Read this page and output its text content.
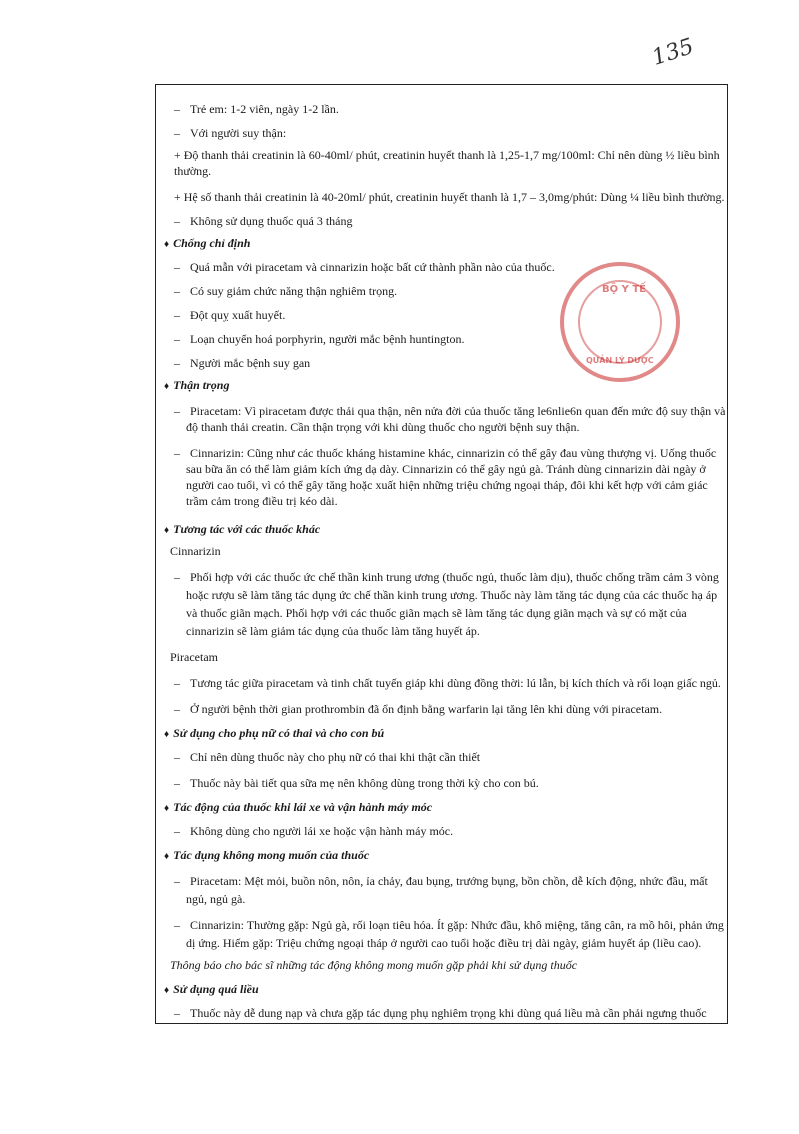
135
– Trẻ em: 1-2 viên, ngày 1-2 lần.
– Với người suy thận:
+ Độ thanh thải creatinin là 60-40ml/ phút, creatinin huyết thanh là 1,25-1,7 mg/100ml: Chỉ nên dùng ½ liều bình
thường.
+ Hệ số thanh thải creatinin là 40-20ml/ phút, creatinin huyết thanh là 1,7 – 3,0mg/phút: Dùng ¼ liều bình thường.
– Không sử dụng thuốc quá 3 tháng
♦ Chống chỉ định
– Quá mẫn với piracetam và cinnarizin hoặc bất cứ thành phần nào của thuốc.
– Có suy giảm chức năng thận nghiêm trọng.
– Đột quỵ xuất huyết.
– Loạn chuyển hoá porphyrin, người mắc bệnh huntington.
– Người mắc bệnh suy gan
♦ Thận trọng
– Piracetam: Vì piracetam được thải qua thận, nên nửa đời của thuốc tăng le6nlie6n quan đến mức độ suy thận và
độ thanh thải creatin. Cần thận trọng với khi dùng thuốc cho người bệnh suy thận.
– Cinnarizin: Cũng như các thuốc kháng histamine khác, cinnarizin có thể gây đau vùng thượng vị. Uống thuốc
sau bữa ăn có thể làm giảm kích ứng dạ dày. Cinnarizin có thể gây ngủ gà. Tránh dùng cinnarizin dài ngày ở
người cao tuổi, vì có thể gây tăng hoặc xuất hiện những triệu chứng ngoại tháp, đôi khi kết hợp với cảm giác
trầm cảm trong điều trị kéo dài.
♦ Tương tác với các thuốc khác
Cinnarizin
– Phối hợp với các thuốc ức chế thần kinh trung ương (thuốc ngủ, thuốc làm dịu), thuốc chống trầm cảm 3 vòng
hoặc rượu sẽ làm tăng tác dụng ức chế thần kinh trung ương. Thuốc này làm tăng tác dụng của các thuốc hạ áp
và thuốc giãn mạch. Phối hợp với các thuốc giãn mạch sẽ làm tăng tác dụng giãn mạch và sự có mặt của
cinnarizin sẽ làm giảm tác dụng của thuốc làm tăng huyết áp.
Piracetam
– Tương tác giữa piracetam và tinh chất tuyến giáp khi dùng đồng thời: lú lẫn, bị kích thích và rối loạn giấc ngủ.
– Ở người bệnh thời gian prothrombin đã ổn định bằng warfarin lại tăng lên khi dùng với piracetam.
♦ Sử dụng cho phụ nữ có thai và cho con bú
– Chỉ nên dùng thuốc này cho phụ nữ có thai khi thật cần thiết
– Thuốc này bài tiết qua sữa mẹ nên không dùng trong thời kỳ cho con bú.
♦ Tác động của thuốc khi lái xe và vận hành máy móc
– Không dùng cho người lái xe hoặc vận hành máy móc.
♦ Tác dụng không mong muốn của thuốc
– Piracetam: Mệt mỏi, buồn nôn, nôn, ỉa chảy, đau bụng, trướng bụng, bồn chồn, dễ kích động, nhức đầu, mất
ngủ, ngủ gà.
– Cinnarizin: Thường gặp: Ngủ gà, rối loạn tiêu hóa. Ít gặp: Nhức đầu, khô miệng, tăng cân, ra mồ hôi, phản ứng
dị ứng. Hiếm gặp: Triệu chứng ngoại tháp ở người cao tuổi hoặc điều trị dài ngày, giảm huyết áp (liều cao).
Thông báo cho bác sĩ những tác động không mong muốn gặp phải khi sử dụng thuốc
♦ Sử dụng quá liều
– Thuốc này dễ dung nạp và chưa gặp tác dụng phụ nghiêm trọng khi dùng quá liều mà cần phải ngưng thuốc
BỘ Y TẾ
QUẢN LÝ DƯỢC
